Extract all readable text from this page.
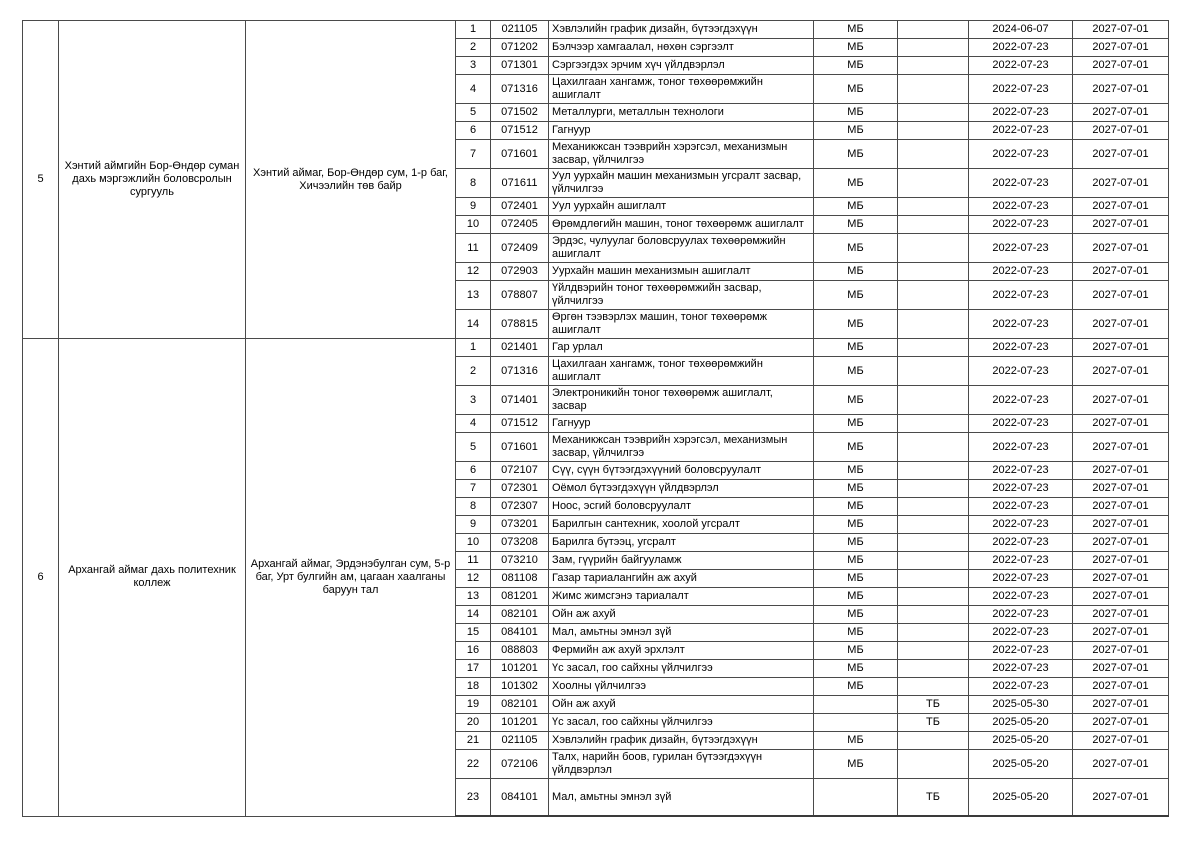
5	Хэнтий аймгийн Бор-Өндөр суман дахь мэргэжлийн боловсролын сургууль	Хэнтий аймаг, Бор-Өндөр сум, 1-р баг, Хичээлийн төв байр	1	021105	Хэвлэлийн график дизайн, бүтээгдэхүүн	МБ		2024-06-07	2027-07-01
			2	071202	Бэлчээр хамгаалал, нөхөн сэргээлт	МБ		2022-07-23	2027-07-01
			3	071301	Сэргээгдэх эрчим хүч үйлдвэрлэл	МБ		2022-07-23	2027-07-01
			4	071316	Цахилгаан хангамж, тоног төхөөрөмжийн ашиглалт	МБ		2022-07-23	2027-07-01
			5	071502	Металлурги, металлын технологи	МБ		2022-07-23	2027-07-01
			6	071512	Гагнуур	МБ		2022-07-23	2027-07-01
			7	071601	Механикжсан тээврийн хэрэгсэл, механизмын засвар, үйлчилгээ	МБ		2022-07-23	2027-07-01
			8	071611	Уул уурхайн машин механизмын угсралт засвар, үйлчилгээ	МБ		2022-07-23	2027-07-01
			9	072401	Уул уурхайн ашиглалт	МБ		2022-07-23	2027-07-01
			10	072405	Өрөмдлөгийн машин, тоног төхөөрөмж ашиглалт	МБ		2022-07-23	2027-07-01
			11	072409	Эрдэс, чулуулаг боловсруулах төхөөрөмжийн ашиглалт	МБ		2022-07-23	2027-07-01
			12	072903	Уурхайн машин механизмын ашиглалт	МБ		2022-07-23	2027-07-01
			13	078807	Үйлдвэрийн тоног төхөөрөмжийн засвар, үйлчилгээ	МБ		2022-07-23	2027-07-01
			14	078815	Өргөн тээвэрлэх машин, тоног төхөөрөмж ашиглалт	МБ		2022-07-23	2027-07-01
6	Архангай аймаг дахь политехник коллеж	Архангай аймаг, Эрдэнэбулган сум, 5-р баг, Урт булгийн ам, цагаан хаалганы баруун тал	1	021401	Гар урлал	МБ		2022-07-23	2027-07-01
			2	071316	Цахилгаан хангамж, тоног төхөөрөмжийн ашиглалт	МБ		2022-07-23	2027-07-01
			3	071401	Электроникийн тоног төхөөрөмж ашиглалт, засвар	МБ		2022-07-23	2027-07-01
			4	071512	Гагнуур	МБ		2022-07-23	2027-07-01
			5	071601	Механикжсан тээврийн хэрэгсэл, механизмын засвар, үйлчилгээ	МБ		2022-07-23	2027-07-01
			6	072107	Сүү, сүүн бүтээгдэхүүний боловсруулалт	МБ		2022-07-23	2027-07-01
			7	072301	Оёмол бүтээгдэхүүн үйлдвэрлэл	МБ		2022-07-23	2027-07-01
			8	072307	Ноос, эсгий боловсруулалт	МБ		2022-07-23	2027-07-01
			9	073201	Барилгын сантехник, хоолой угсралт	МБ		2022-07-23	2027-07-01
			10	073208	Барилга бүтээц, угсралт	МБ		2022-07-23	2027-07-01
			11	073210	Зам, гүүрийн байгууламж	МБ		2022-07-23	2027-07-01
			12	081108	Газар тариалангийн аж ахуй	МБ		2022-07-23	2027-07-01
			13	081201	Жимс жимсгэнэ тариалалт	МБ		2022-07-23	2027-07-01
			14	082101	Ойн аж ахуй	МБ		2022-07-23	2027-07-01
			15	084101	Мал, амьтны эмнэл зүй	МБ		2022-07-23	2027-07-01
			16	088803	Фермийн аж ахуй эрхлэлт	МБ		2022-07-23	2027-07-01
			17	101201	Үс засал, гоо сайхны үйлчилгээ	МБ		2022-07-23	2027-07-01
			18	101302	Хоолны үйлчилгээ	МБ		2022-07-23	2027-07-01
			19	082101	Ойн аж ахуй		ТБ	2025-05-30	2027-07-01
			20	101201	Үс засал, гоо сайхны үйлчилгээ		ТБ	2025-05-20	2027-07-01
			21	021105	Хэвлэлийн график дизайн, бүтээгдэхүүн	МБ		2025-05-20	2027-07-01
			22	072106	Талх, нарийн боов, гурилан бүтээгдэхүүн үйлдвэрлэл	МБ		2025-05-20	2027-07-01
			23	084101	Мал, амьтны эмнэл зүй		ТБ	2025-05-20	2027-07-01
